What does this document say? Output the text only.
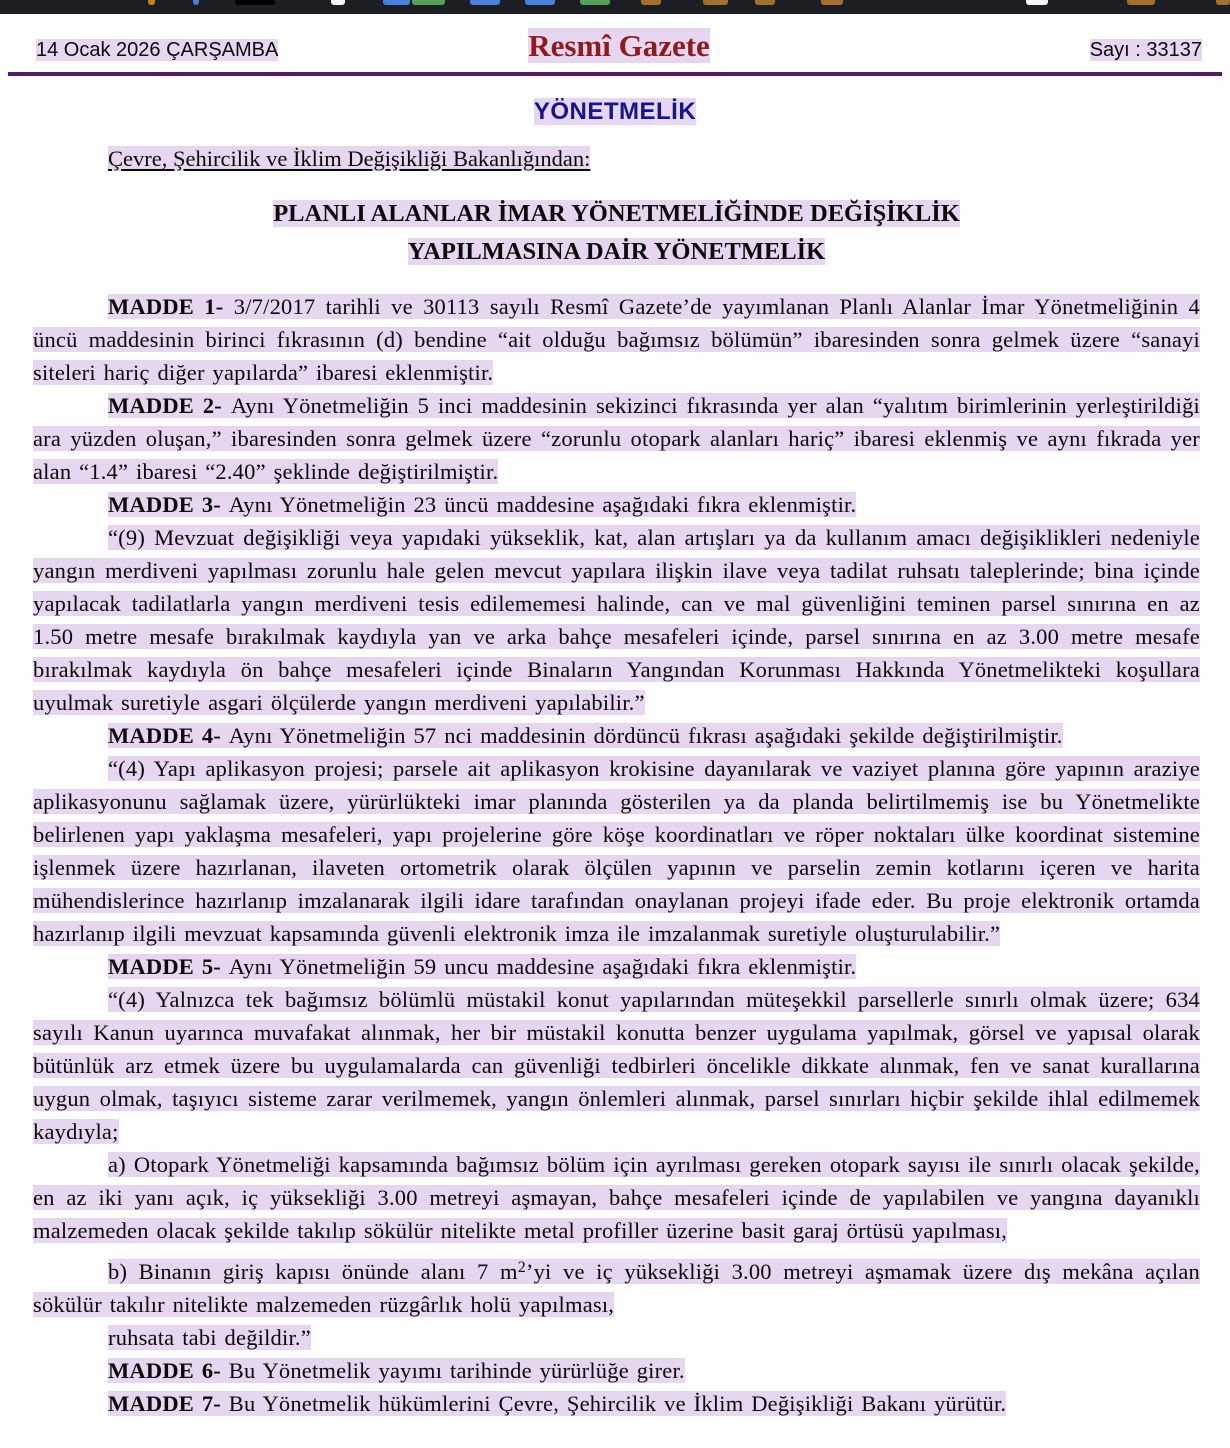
14 Ocak 2026 ÇARŞAMBA	Resmî Gazete	Sayı : 33137
YÖNETMELİK

Çevre, Şehircilik ve İklim Değişikliği Bakanlığından:

PLANLI ALANLAR İMAR YÖNETMELİĞİNDE DEĞİŞİKLİK
YAPILMASINA DAİR YÖNETMELİK

MADDE 1- 3/7/2017 tarihli ve 30113 sayılı Resmî Gazete’de yayımlanan Planlı Alanlar İmar Yönetmeliğinin 4 üncü maddesinin birinci fıkrasının (d) bendine “ait olduğu bağımsız bölümün” ibaresinden sonra gelmek üzere “sanayi siteleri hariç diğer yapılarda” ibaresi eklenmiştir.

MADDE 2- Aynı Yönetmeliğin 5 inci maddesinin sekizinci fıkrasında yer alan “yalıtım birimlerinin yerleştirildiği ara yüzden oluşan,” ibaresinden sonra gelmek üzere “zorunlu otopark alanları hariç” ibaresi eklenmiş ve aynı fıkrada yer alan “1.4” ibaresi “2.40” şeklinde değiştirilmiştir.

MADDE 3- Aynı Yönetmeliğin 23 üncü maddesine aşağıdaki fıkra eklenmiştir.

“(9) Mevzuat değişikliği veya yapıdaki yükseklik, kat, alan artışları ya da kullanım amacı değişiklikleri nedeniyle yangın merdiveni yapılması zorunlu hale gelen mevcut yapılara ilişkin ilave veya tadilat ruhsatı taleplerinde; bina içinde yapılacak tadilatlarla yangın merdiveni tesis edilememesi halinde, can ve mal güvenliğini teminen parsel sınırına en az 1.50 metre mesafe bırakılmak kaydıyla yan ve arka bahçe mesafeleri içinde, parsel sınırına en az 3.00 metre mesafe bırakılmak kaydıyla ön bahçe mesafeleri içinde Binaların Yangından Korunması Hakkında Yönetmelikteki koşullara uyulmak suretiyle asgari ölçülerde yangın merdiveni yapılabilir.”

MADDE 4- Aynı Yönetmeliğin 57 nci maddesinin dördüncü fıkrası aşağıdaki şekilde değiştirilmiştir.

“(4) Yapı aplikasyon projesi; parsele ait aplikasyon krokisine dayanılarak ve vaziyet planına göre yapının araziye aplikasyonunu sağlamak üzere, yürürlükteki imar planında gösterilen ya da planda belirtilmemiş ise bu Yönetmelikte belirlenen yapı yaklaşma mesafeleri, yapı projelerine göre köşe koordinatları ve röper noktaları ülke koordinat sistemine işlenmek üzere hazırlanan, ilaveten ortometrik olarak ölçülen yapının ve parselin zemin kotlarını içeren ve harita mühendislerince hazırlanıp imzalanarak ilgili idare tarafından onaylanan projeyi ifade eder. Bu proje elektronik ortamda hazırlanıp ilgili mevzuat kapsamında güvenli elektronik imza ile imzalanmak suretiyle oluşturulabilir.”

MADDE 5- Aynı Yönetmeliğin 59 uncu maddesine aşağıdaki fıkra eklenmiştir.

“(4) Yalnızca tek bağımsız bölümlü müstakil konut yapılarından müteşekkil parsellerle sınırlı olmak üzere; 634 sayılı Kanun uyarınca muvafakat alınmak, her bir müstakil konutta benzer uygulama yapılmak, görsel ve yapısal olarak bütünlük arz etmek üzere bu uygulamalarda can güvenliği tedbirleri öncelikle dikkate alınmak, fen ve sanat kurallarına uygun olmak, taşıyıcı sisteme zarar verilmemek, yangın önlemleri alınmak, parsel sınırları hiçbir şekilde ihlal edilmemek kaydıyla;

a) Otopark Yönetmeliği kapsamında bağımsız bölüm için ayrılması gereken otopark sayısı ile sınırlı olacak şekilde, en az iki yanı açık, iç yüksekliği 3.00 metreyi aşmayan, bahçe mesafeleri içinde de yapılabilen ve yangına dayanıklı malzemeden olacak şekilde takılıp sökülür nitelikte metal profiller üzerine basit garaj örtüsü yapılması,

b) Binanın giriş kapısı önünde alanı 7 $m^2’yi$ ve iç yüksekliği 3.00 metreyi aşmamak üzere dış mekâna açılan sökülür takılır nitelikte malzemeden rüzgârlık holü yapılması,

ruhsata tabi değildir.”

MADDE 6- Bu Yönetmelik yayımı tarihinde yürürlüğe girer.

MADDE 7- Bu Yönetmelik hükümlerini Çevre, Şehircilik ve İklim Değişikliği Bakanı yürütür.
